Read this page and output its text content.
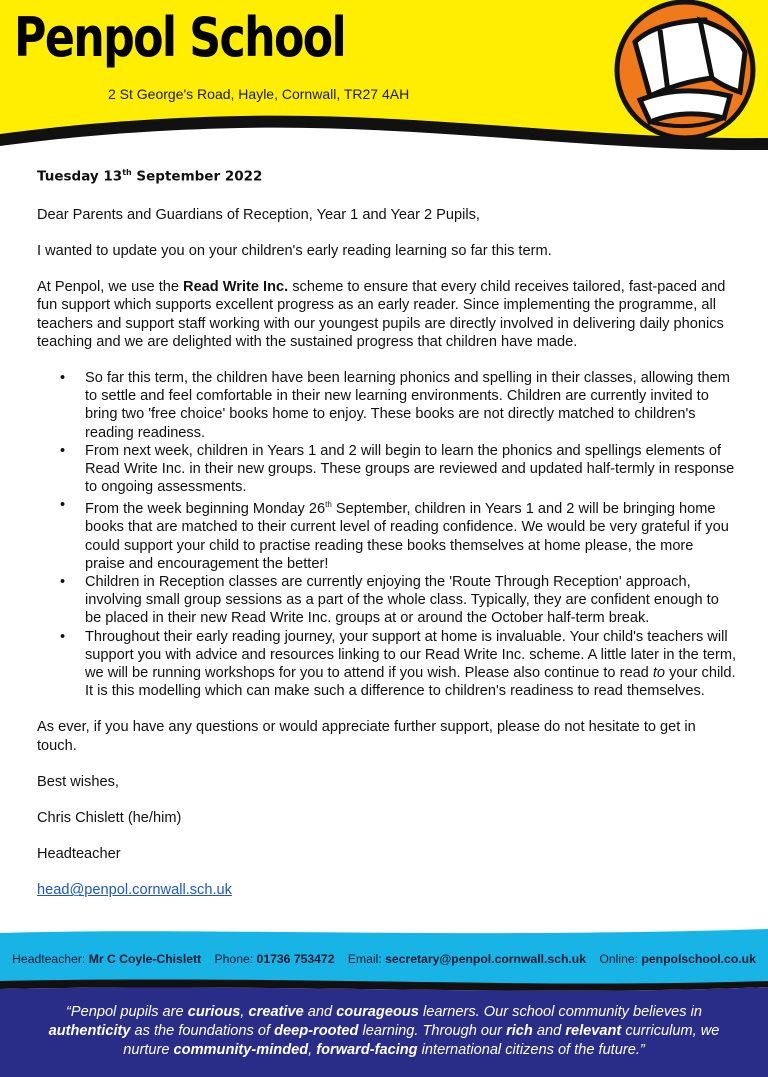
Penpol School
2 St George's Road, Hayle, Cornwall, TR27 4AH

Tuesday 13th September 2022

Dear Parents and Guardians of Reception, Year 1 and Year 2 Pupils,

I wanted to update you on your children's early reading learning so far this term.

At Penpol, we use the Read Write Inc. scheme to ensure that every child receives tailored, fast-paced and fun support which supports excellent progress as an early reader. Since implementing the programme, all teachers and support staff working with our youngest pupils are directly involved in delivering daily phonics teaching and we are delighted with the sustained progress that children have made.

• So far this term, the children have been learning phonics and spelling in their classes, allowing them to settle and feel comfortable in their new learning environments. Children are currently invited to bring two 'free choice' books home to enjoy. These books are not directly matched to children's reading readiness.
• From next week, children in Years 1 and 2 will begin to learn the phonics and spellings elements of Read Write Inc. in their new groups. These groups are reviewed and updated half-termly in response to ongoing assessments.
• From the week beginning Monday 26th September, children in Years 1 and 2 will be bringing home books that are matched to their current level of reading confidence. We would be very grateful if you could support your child to practise reading these books themselves at home please, the more praise and encouragement the better!
• Children in Reception classes are currently enjoying the 'Route Through Reception' approach, involving small group sessions as a part of the whole class. Typically, they are confident enough to be placed in their new Read Write Inc. groups at or around the October half-term break.
• Throughout their early reading journey, your support at home is invaluable. Your child's teachers will support you with advice and resources linking to our Read Write Inc. scheme. A little later in the term, we will be running workshops for you to attend if you wish. Please also continue to read to your child. It is this modelling which can make such a difference to children's readiness to read themselves.

As ever, if you have any questions or would appreciate further support, please do not hesitate to get in touch.

Best wishes,

Chris Chislett (he/him)

Headteacher

head@penpol.cornwall.sch.uk

Headteacher: Mr C Coyle-Chislett Phone: 01736 753472 Email: secretary@penpol.cornwall.sch.uk Online: penpolschool.co.uk
“Penpol pupils are curious, creative and courageous learners. Our school community believes in authenticity as the foundations of deep-rooted learning. Through our rich and relevant curriculum, we nurture community-minded, forward-facing international citizens of the future.”
